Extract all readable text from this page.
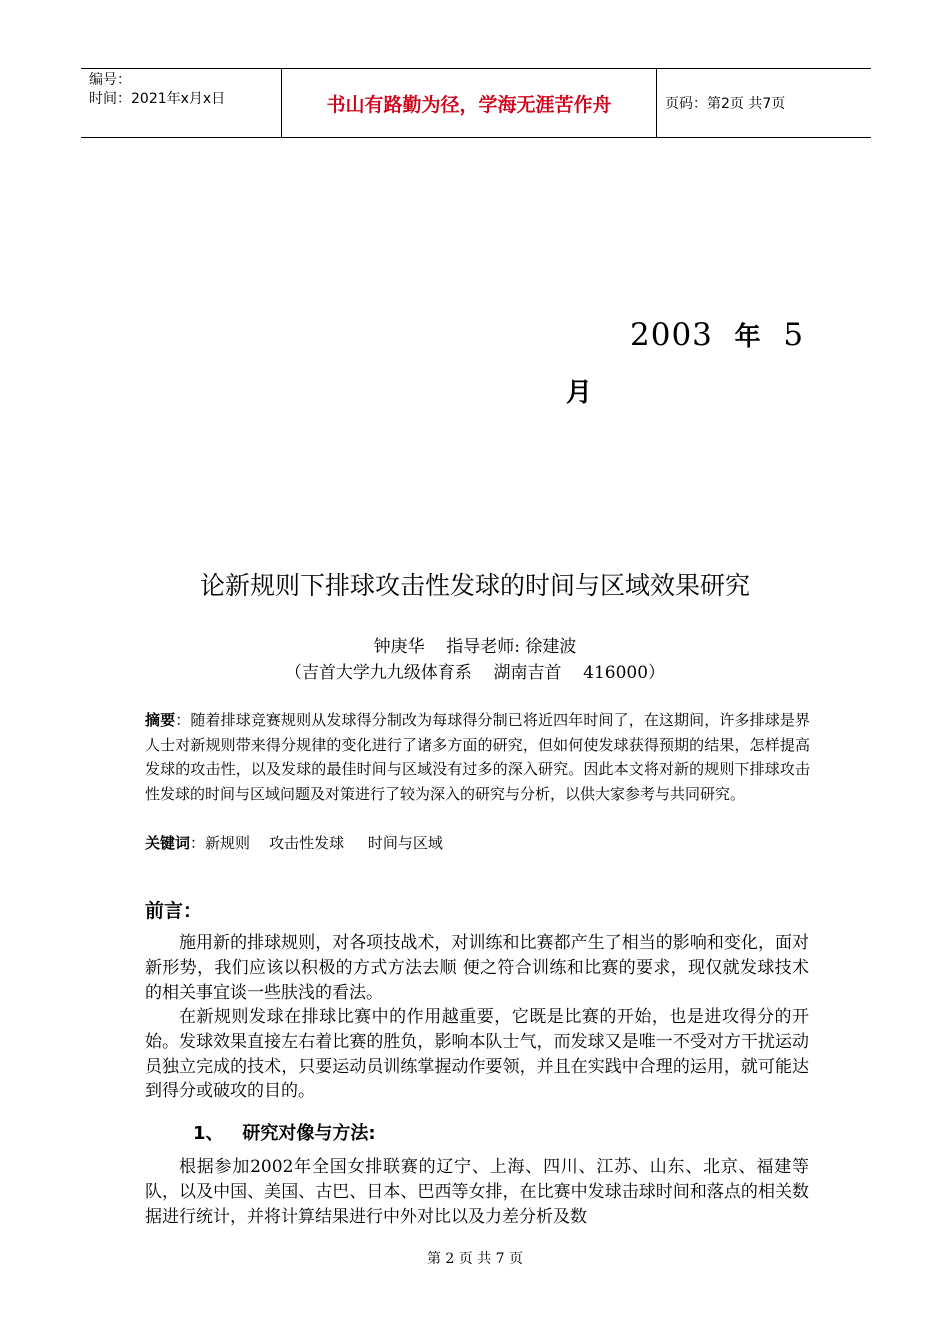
编号：
时间：2021年x月x日	书山有路勤为径，学海无涯苦作舟	页码：第2页 共7页
2003 年 5
月
论新规则下排球攻击性发球的时间与区域效果研究
钟庚华    指导老师: 徐建波
（吉首大学九九级体育系    湖南吉首    416000）
摘要：随着排球竞赛规则从发球得分制改为每球得分制已将近四年时间了，在这期间，许多排球是界人士对新规则带来得分规律的变化进行了诸多方面的研究，但如何使发球获得预期的结果，怎样提高发球的攻击性，以及发球的最佳时间与区域没有过多的深入研究。因此本文将对新的规则下排球攻击性发球的时间与区域问题及对策进行了较为深入的研究与分析，以供大家参考与共同研究。
关键词：新规则    攻击性发球     时间与区域
前言：
施用新的排球规则，对各项技战术，对训练和比赛都产生了相当的影响和变化，面对新形势，我们应该以积极的方式方法去顺 便之符合训练和比赛的要求，现仅就发球技术的相关事宜谈一些肤浅的看法。
在新规则发球在排球比赛中的作用越重要，它既是比赛的开始，也是进攻得分的开始。发球效果直接左右着比赛的胜负，影响本队士气，而发球又是唯一不受对方干扰运动员独立完成的技术，只要运动员训练掌握动作要领，并且在实践中合理的运用，就可能达到得分或破攻的目的。
1、   研究对像与方法:
根据参加2002年全国女排联赛的辽宁、上海、四川、江苏、山东、北京、福建等队，以及中国、美国、古巴、日本、巴西等女排，在比赛中发球击球时间和落点的相关数据进行统计，并将计算结果进行中外对比以及力差分析及数
第 2 页 共 7 页
